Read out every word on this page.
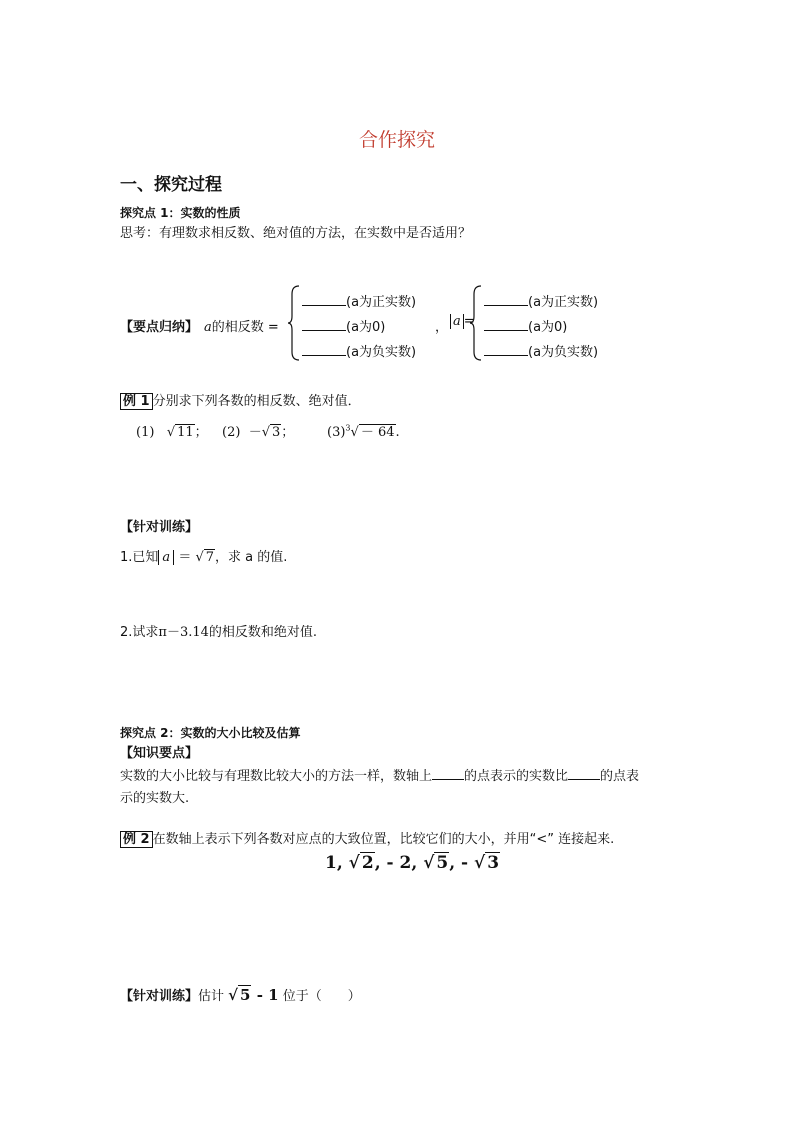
合作探究
一、探究过程
探究点 1：实数的性质
思考：有理数求相反数、绝对值的方法，在实数中是否适用？
【要点归纳】 a的相反数 =
(a为正实数)
(a为0)
(a为负实数)
， a =
(a为正实数)
(a为0)
(a为负实数)
例 1 分别求下列各数的相反数、绝对值．
(1) √ 11； (2) －√ 3；	$(3)^3√ - 64$.
【针对训练】
1.已知 a ＝ √ 7，求 a 的值.
2.试求π－3.14的相反数和绝对值.
探究点 2：实数的大小比较及估算
【知识要点】
实数的大小比较与有理数比较大小的方法一样，数轴上 的点表示的实数比 的点表
示的实数大.
例 2 在数轴上表示下列各数对应点的大致位置，比较它们的大小，并用“<” 连接起来.
1, √ 2, - 2, √ 5, - √ 3
【针对训练】估计 √ 5 - 1 位于（　　）
